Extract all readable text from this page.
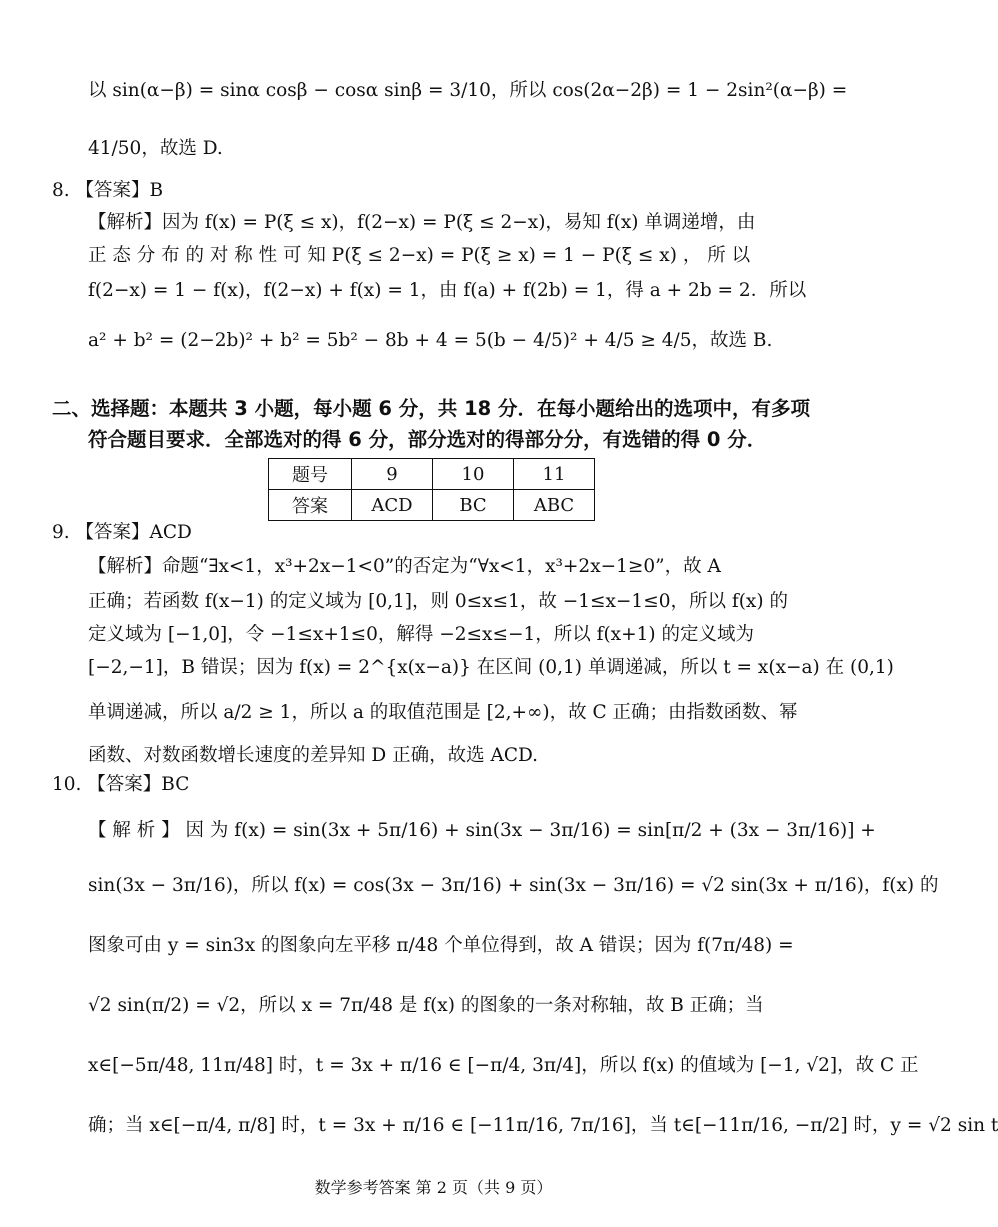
以 sin(α−β) = sinα cosβ − cosα sinβ = 3/10，所以 cos(2α−2β) = 1 − 2sin²(α−β) =
41/50，故选 D.
8. 【答案】B
【解析】因为 f(x) = P(ξ ≤ x)，f(2−x) = P(ξ ≤ 2−x)，易知 f(x) 单调递增，由
正 态 分 布 的 对 称 性 可 知 P(ξ ≤ 2−x) = P(ξ ≥ x) = 1 − P(ξ ≤ x) ， 所 以
f(2−x) = 1 − f(x)，f(2−x) + f(x) = 1，由 f(a) + f(2b) = 1，得 a + 2b = 2．所以
a² + b² = (2−2b)² + b² = 5b² − 8b + 4 = 5(b − 4/5)² + 4/5 ≥ 4/5，故选 B.
二、选择题：本题共 3 小题，每小题 6 分，共 18 分．在每小题给出的选项中，有多项
符合题目要求．全部选对的得 6 分，部分选对的得部分分，有选错的得 0 分．
题号	9	10	11
答案	ACD	BC	ABC
9. 【答案】ACD
【解析】命题“∃x<1，x³+2x−1<0”的否定为“∀x<1，x³+2x−1≥0”，故 A
正确；若函数 f(x−1) 的定义域为 [0,1]，则 0≤x≤1，故 −1≤x−1≤0，所以 f(x) 的
定义域为 [−1,0]，令 −1≤x+1≤0，解得 −2≤x≤−1，所以 f(x+1) 的定义域为
[−2,−1]，B 错误；因为 f(x) = 2^{x(x−a)} 在区间 (0,1) 单调递减，所以 t = x(x−a) 在 (0,1)
单调递减，所以 a/2 ≥ 1，所以 a 的取值范围是 [2,+∞)，故 C 正确；由指数函数、幂
函数、对数函数增长速度的差异知 D 正确，故选 ACD.
10. 【答案】BC
【 解 析 】 因 为 f(x) = sin(3x + 5π/16) + sin(3x − 3π/16) = sin[π/2 + (3x − 3π/16)] +
sin(3x − 3π/16)，所以 f(x) = cos(3x − 3π/16) + sin(3x − 3π/16) = √2 sin(3x + π/16)，f(x) 的
图象可由 y = sin3x 的图象向左平移 π/48 个单位得到，故 A 错误；因为 f(7π/48) =
√2 sin(π/2) = √2，所以 x = 7π/48 是 f(x) 的图象的一条对称轴，故 B 正确；当
x∈[−5π/48, 11π/48] 时，t = 3x + π/16 ∈ [−π/4, 3π/4]，所以 f(x) 的值域为 [−1, √2]，故 C 正
确；当 x∈[−π/4, π/8] 时，t = 3x + π/16 ∈ [−11π/16, 7π/16]，当 t∈[−11π/16, −π/2] 时，y = √2 sin t
数学参考答案 第 2 页（共 9 页）
